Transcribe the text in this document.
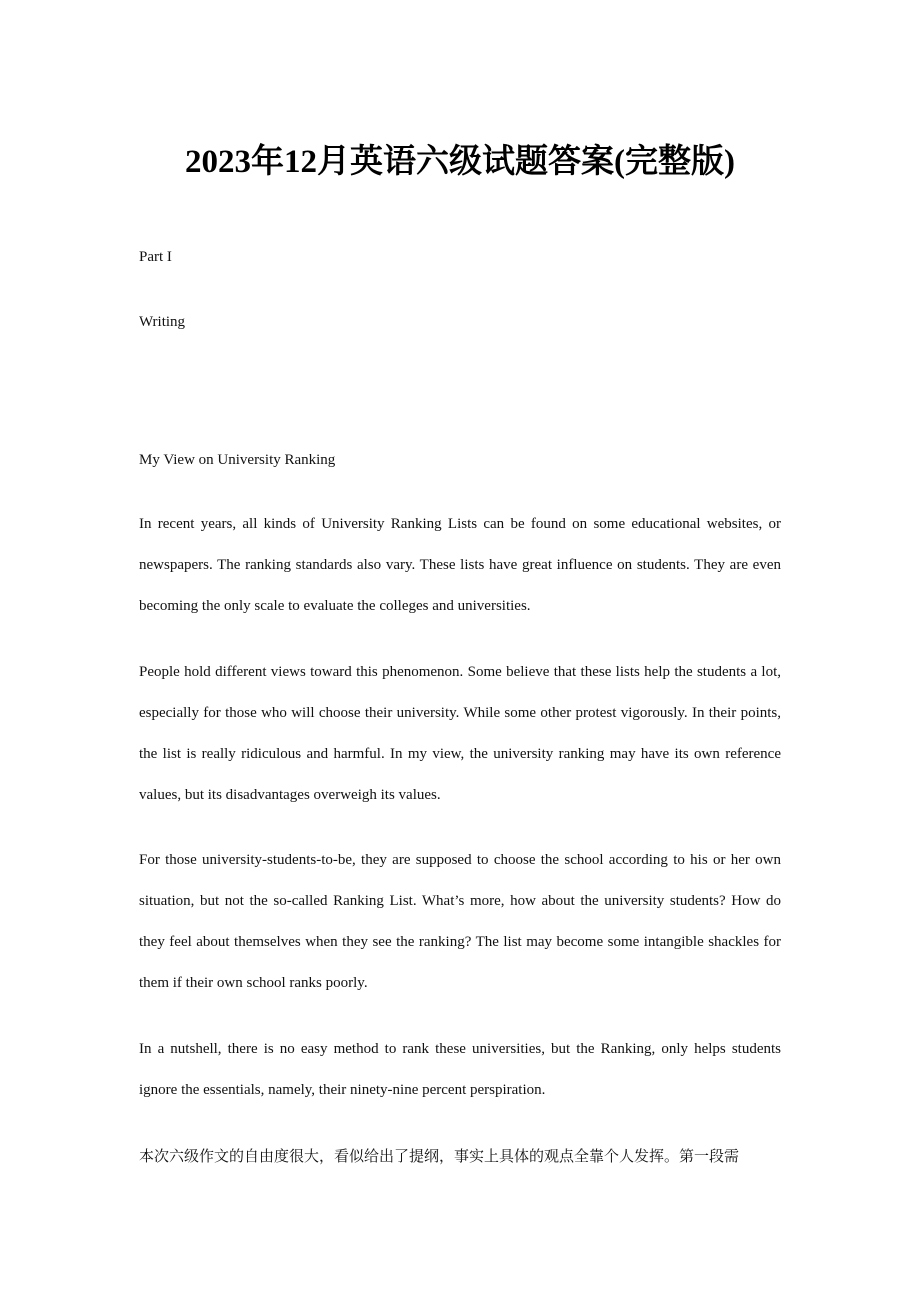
2023年12月英语六级试题答案(完整版)

Part I

Writing

My View on University Ranking

In recent years, all kinds of University Ranking Lists can be found on some educational websites, or newspapers. The ranking standards also vary. These lists have great influence on students. They are even becoming the only scale to evaluate the colleges and universities.

People hold different views toward this phenomenon. Some believe that these lists help the students a lot, especially for those who will choose their university. While some other protest vigorously. In their points, the list is really ridiculous and harmful. In my view, the university ranking may have its own reference values, but its disadvantages overweigh its values.

For those university-students-to-be, they are supposed to choose the school according to his or her own situation, but not the so-called Ranking List. What’s more, how about the university students? How do they feel about themselves when they see the ranking? The list may become some intangible shackles for them if their own school ranks poorly.

In a nutshell, there is no easy method to rank these universities, but the Ranking, only helps students ignore the essentials, namely, their ninety-nine percent perspiration.

本次六级作文的自由度很大，看似给出了提纲，事实上具体的观点全靠个人发挥。第一段需
